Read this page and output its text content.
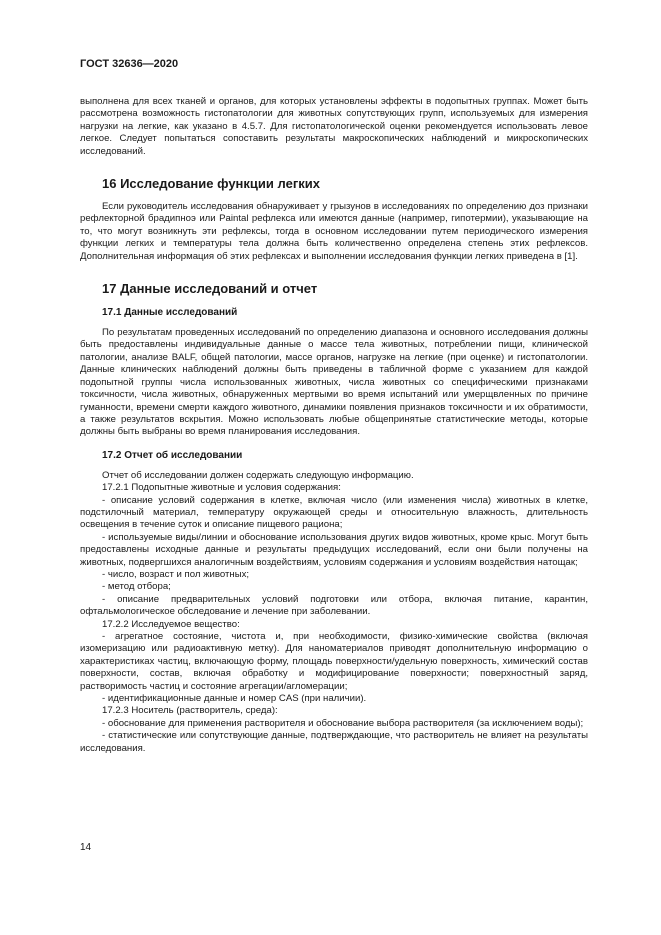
ГОСТ 32636—2020

выполнена для всех тканей и органов, для которых установлены эффекты в подопытных группах. Может быть рассмотрена возможность гистопатологии для животных сопутствующих групп, используемых для измерения нагрузки на легкие, как указано в 4.5.7. Для гистопатологической оценки рекомендуется использовать левое легкое. Следует попытаться сопоставить результаты макроскопических наблюдений и микроскопических исследований.

16 Исследование функции легких

Если руководитель исследования обнаруживает у грызунов в исследованиях по определению доз признаки рефлекторной брадипноэ или Paintal рефлекса или имеются данные (например, гипотермии), указывающие на то, что могут возникнуть эти рефлексы, тогда в основном исследовании путем периодического измерения функции легких и температуры тела должна быть количественно определена степень этих рефлексов. Дополнительная информация об этих рефлексах и выполнении исследования функции легких приведена в [1].

17 Данные исследований и отчет
17.1 Данные исследований

По результатам проведенных исследований по определению диапазона и основного исследования должны быть предоставлены индивидуальные данные о массе тела животных, потреблении пищи, клинической патологии, анализе BALF, общей патологии, массе органов, нагрузке на легкие (при оценке) и гистопатологии. Данные клинических наблюдений должны быть приведены в табличной форме с указанием для каждой подопытной группы числа использованных животных, числа животных со специфическими признаками токсичности, числа животных, обнаруженных мертвыми во время испытаний или умерщвленных по причине гуманности, времени смерти каждого животного, динамики появления признаков токсичности и их обратимости, а также результатов вскрытия. Можно использовать любые общепринятые статистические методы, которые должны быть выбраны во время планирования исследования.

17.2 Отчет об исследовании

Отчет об исследовании должен содержать следующую информацию.

17.2.1 Подопытные животные и условия содержания:

- описание условий содержания в клетке, включая число (или изменения числа) животных в клетке, подстилочный материал, температуру окружающей среды и относительную влажность, длительность освещения в течение суток и описание пищевого рациона;

- используемые виды/линии и обоснование использования других видов животных, кроме крыс. Могут быть предоставлены исходные данные и результаты предыдущих исследований, если они были получены на животных, подвергшихся аналогичным воздействиям, условиям содержания и условиям воздействия натощак;

- число, возраст и пол животных;

- метод отбора;

- описание предварительных условий подготовки или отбора, включая питание, карантин, офтальмологическое обследование и лечение при заболевании.

17.2.2 Исследуемое вещество:

- агрегатное состояние, чистота и, при необходимости, физико-химические свойства (включая изомеризацию или радиоактивную метку). Для наноматериалов приводят дополнительную информацию о характеристиках частиц, включающую форму, площадь поверхности/удельную поверхность, химический состав поверхности, состав, включая обработку и модифицирование поверхности; поверхностный заряд, растворимость частиц и состояние агрегации/агломерации;

- идентификационные данные и номер CAS (при наличии).

17.2.3 Носитель (растворитель, среда):

- обоснование для применения растворителя и обоснование выбора растворителя (за исключением воды);

- статистические или сопутствующие данные, подтверждающие, что растворитель не влияет на результаты исследования.

14
